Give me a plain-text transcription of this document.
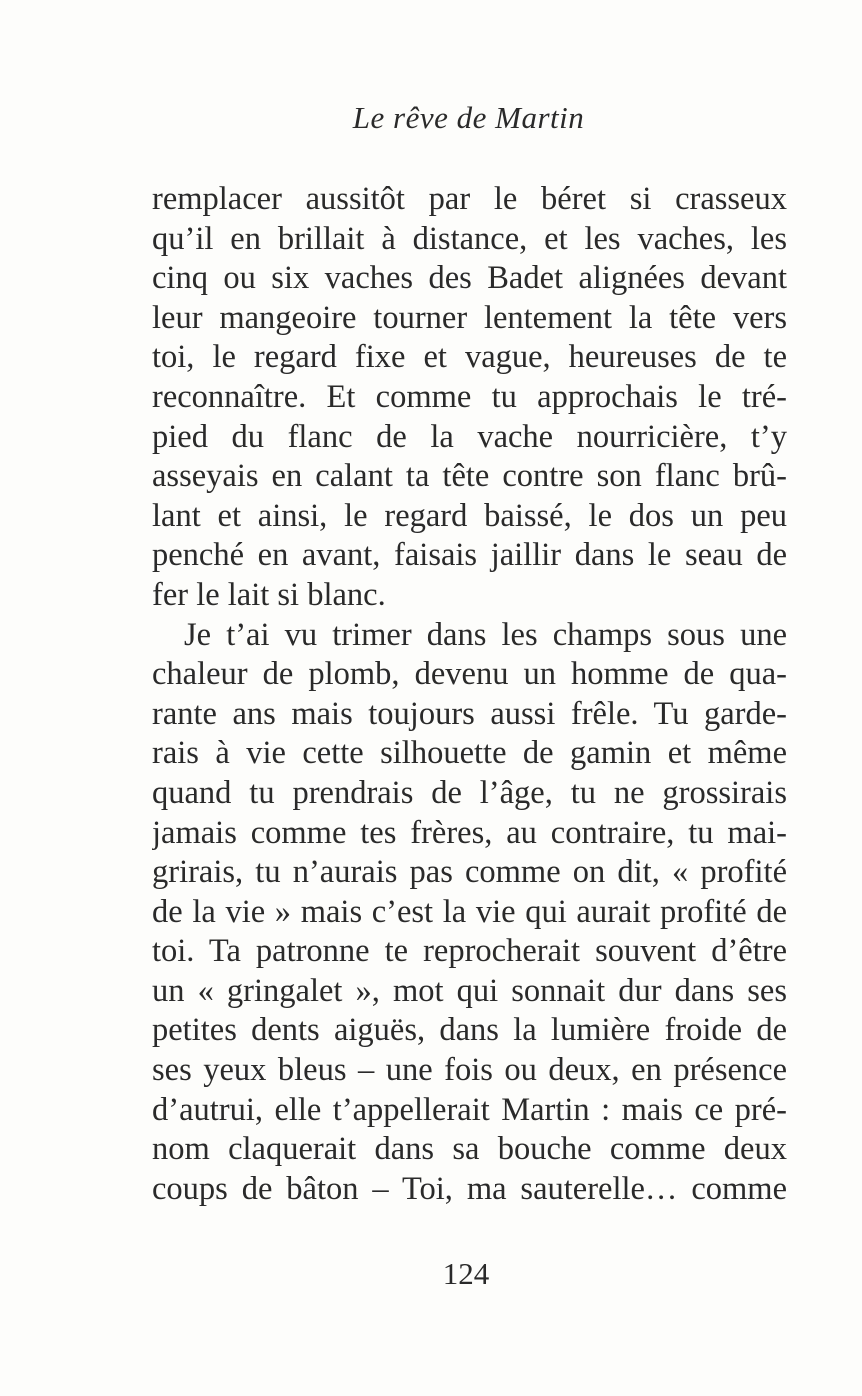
Le rêve de Martin
remplacer aussitôt par le béret si crasseux
qu’il en brillait à distance, et les vaches, les
cinq ou six vaches des Badet alignées devant
leur mangeoire tourner lentement la tête vers
toi, le regard fixe et vague, heureuses de te
reconnaître. Et comme tu approchais le tré-
pied du flanc de la vache nourricière, t’y
asseyais en calant ta tête contre son flanc brû-
lant et ainsi, le regard baissé, le dos un peu
penché en avant, faisais jaillir dans le seau de
fer le lait si blanc.
Je t’ai vu trimer dans les champs sous une
chaleur de plomb, devenu un homme de qua-
rante ans mais toujours aussi frêle. Tu garde-
rais à vie cette silhouette de gamin et même
quand tu prendrais de l’âge, tu ne grossirais
jamais comme tes frères, au contraire, tu mai-
grirais, tu n’aurais pas comme on dit, « profité
de la vie » mais c’est la vie qui aurait profité de
toi. Ta patronne te reprocherait souvent d’être
un « gringalet », mot qui sonnait dur dans ses
petites dents aiguës, dans la lumière froide de
ses yeux bleus – une fois ou deux, en présence
d’autrui, elle t’appellerait Martin : mais ce pré-
nom claquerait dans sa bouche comme deux
coups de bâton – Toi, ma sauterelle… comme
124
